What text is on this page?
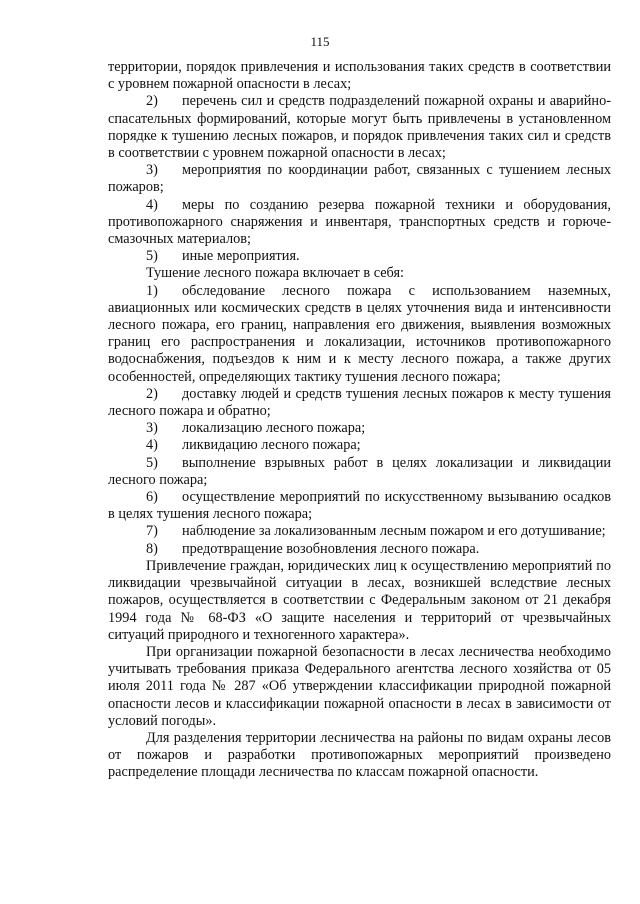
115

территории, порядок привлечения и использования таких средств в соответствии с уровнем пожарной опасности в лесах;

2) перечень сил и средств подразделений пожарной охраны и аварийно-спасательных формирований, которые могут быть привлечены в установленном порядке к тушению лесных пожаров, и порядок привлечения таких сил и средств в соответствии с уровнем пожарной опасности в лесах;

3) мероприятия по координации работ, связанных с тушением лесных пожаров;

4) меры по созданию резерва пожарной техники и оборудования, противопожарного снаряжения и инвентаря, транспортных средств и горюче-смазочных материалов;

5) иные мероприятия.

Тушение лесного пожара включает в себя:

1) обследование лесного пожара с использованием наземных, авиационных или космических средств в целях уточнения вида и интенсивности лесного пожара, его границ, направления его движения, выявления возможных границ его распространения и локализации, источников противопожарного водоснабжения, подъездов к ним и к месту лесного пожара, а также других особенностей, определяющих тактику тушения лесного пожара;

2) доставку людей и средств тушения лесных пожаров к месту тушения лесного пожара и обратно;

3) локализацию лесного пожара;

4) ликвидацию лесного пожара;

5) выполнение взрывных работ в целях локализации и ликвидации лесного пожара;

6) осуществление мероприятий по искусственному вызыванию осадков в целях тушения лесного пожара;

7) наблюдение за локализованным лесным пожаром и его дотушивание;

8) предотвращение возобновления лесного пожара.

Привлечение граждан, юридических лиц к осуществлению мероприятий по ликвидации чрезвычайной ситуации в лесах, возникшей вследствие лесных пожаров, осуществляется в соответствии с Федеральным законом от 21 декабря 1994 года № 68-ФЗ «О защите населения и территорий от чрезвычайных ситуаций природного и техногенного характера».

При организации пожарной безопасности в лесах лесничества необходимо учитывать требования приказа Федерального агентства лесного хозяйства от 05 июля 2011 года № 287 «Об утверждении классификации природной пожарной опасности лесов и классификации пожарной опасности в лесах в зависимости от условий погоды».

Для разделения территории лесничества на районы по видам охраны лесов от пожаров и разработки противопожарных мероприятий произведено распределение площади лесничества по классам пожарной опасности.
